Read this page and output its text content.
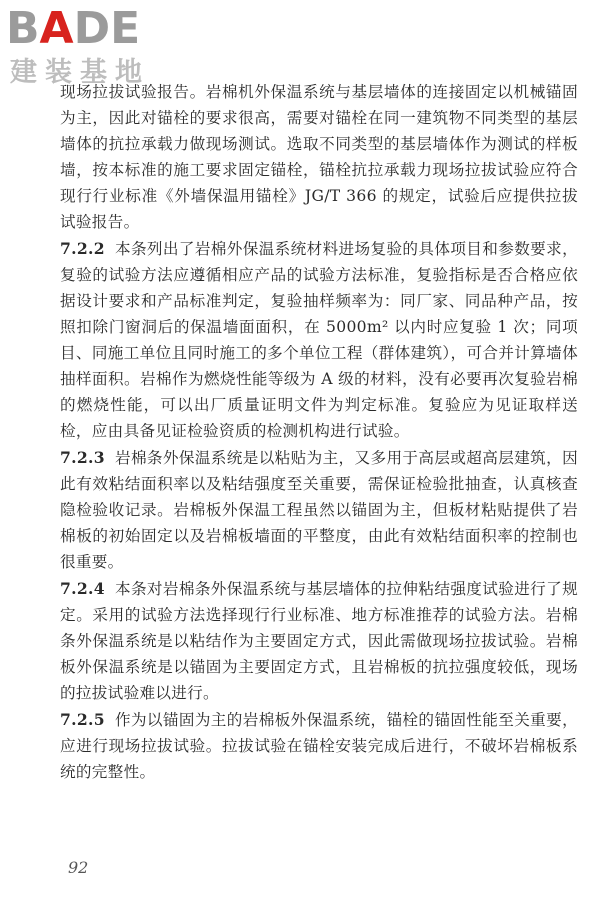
BADE
建装基地

现场拉拔试验报告。岩棉机外保温系统与基层墙体的连接固定以机械锚固为主，因此对锚栓的要求很高，需要对锚栓在同一建筑物不同类型的基层墙体的抗拉承载力做现场测试。选取不同类型的基层墙体作为测试的样板墙，按本标准的施工要求固定锚栓，锚栓抗拉承载力现场拉拔试验应符合现行行业标准《外墙保温用锚栓》JG/T 366 的规定，试验后应提供拉拔试验报告。

7.2.2 本条列出了岩棉外保温系统材料进场复验的具体项目和参数要求，复验的试验方法应遵循相应产品的试验方法标准，复验指标是否合格应依据设计要求和产品标准判定，复验抽样频率为：同厂家、同品种产品，按照扣除门窗洞后的保温墙面面积，在 5000m² 以内时应复验 1 次；同项目、同施工单位且同时施工的多个单位工程（群体建筑），可合并计算墙体抽样面积。岩棉作为燃烧性能等级为 A 级的材料，没有必要再次复验岩棉的燃烧性能，可以出厂质量证明文件为判定标准。复验应为见证取样送检，应由具备见证检验资质的检测机构进行试验。

7.2.3 岩棉条外保温系统是以粘贴为主，又多用于高层或超高层建筑，因此有效粘结面积率以及粘结强度至关重要，需保证检验批抽查，认真核查隐检验收记录。岩棉板外保温工程虽然以锚固为主，但板材粘贴提供了岩棉板的初始固定以及岩棉板墙面的平整度，由此有效粘结面积率的控制也很重要。

7.2.4 本条对岩棉条外保温系统与基层墙体的拉伸粘结强度试验进行了规定。采用的试验方法选择现行行业标准、地方标准推荐的试验方法。岩棉条外保温系统是以粘结作为主要固定方式，因此需做现场拉拔试验。岩棉板外保温系统是以锚固为主要固定方式，且岩棉板的抗拉强度较低，现场的拉拔试验难以进行。

7.2.5 作为以锚固为主的岩棉板外保温系统，锚栓的锚固性能至关重要，应进行现场拉拔试验。拉拔试验在锚栓安装完成后进行，不破坏岩棉板系统的完整性。

92
